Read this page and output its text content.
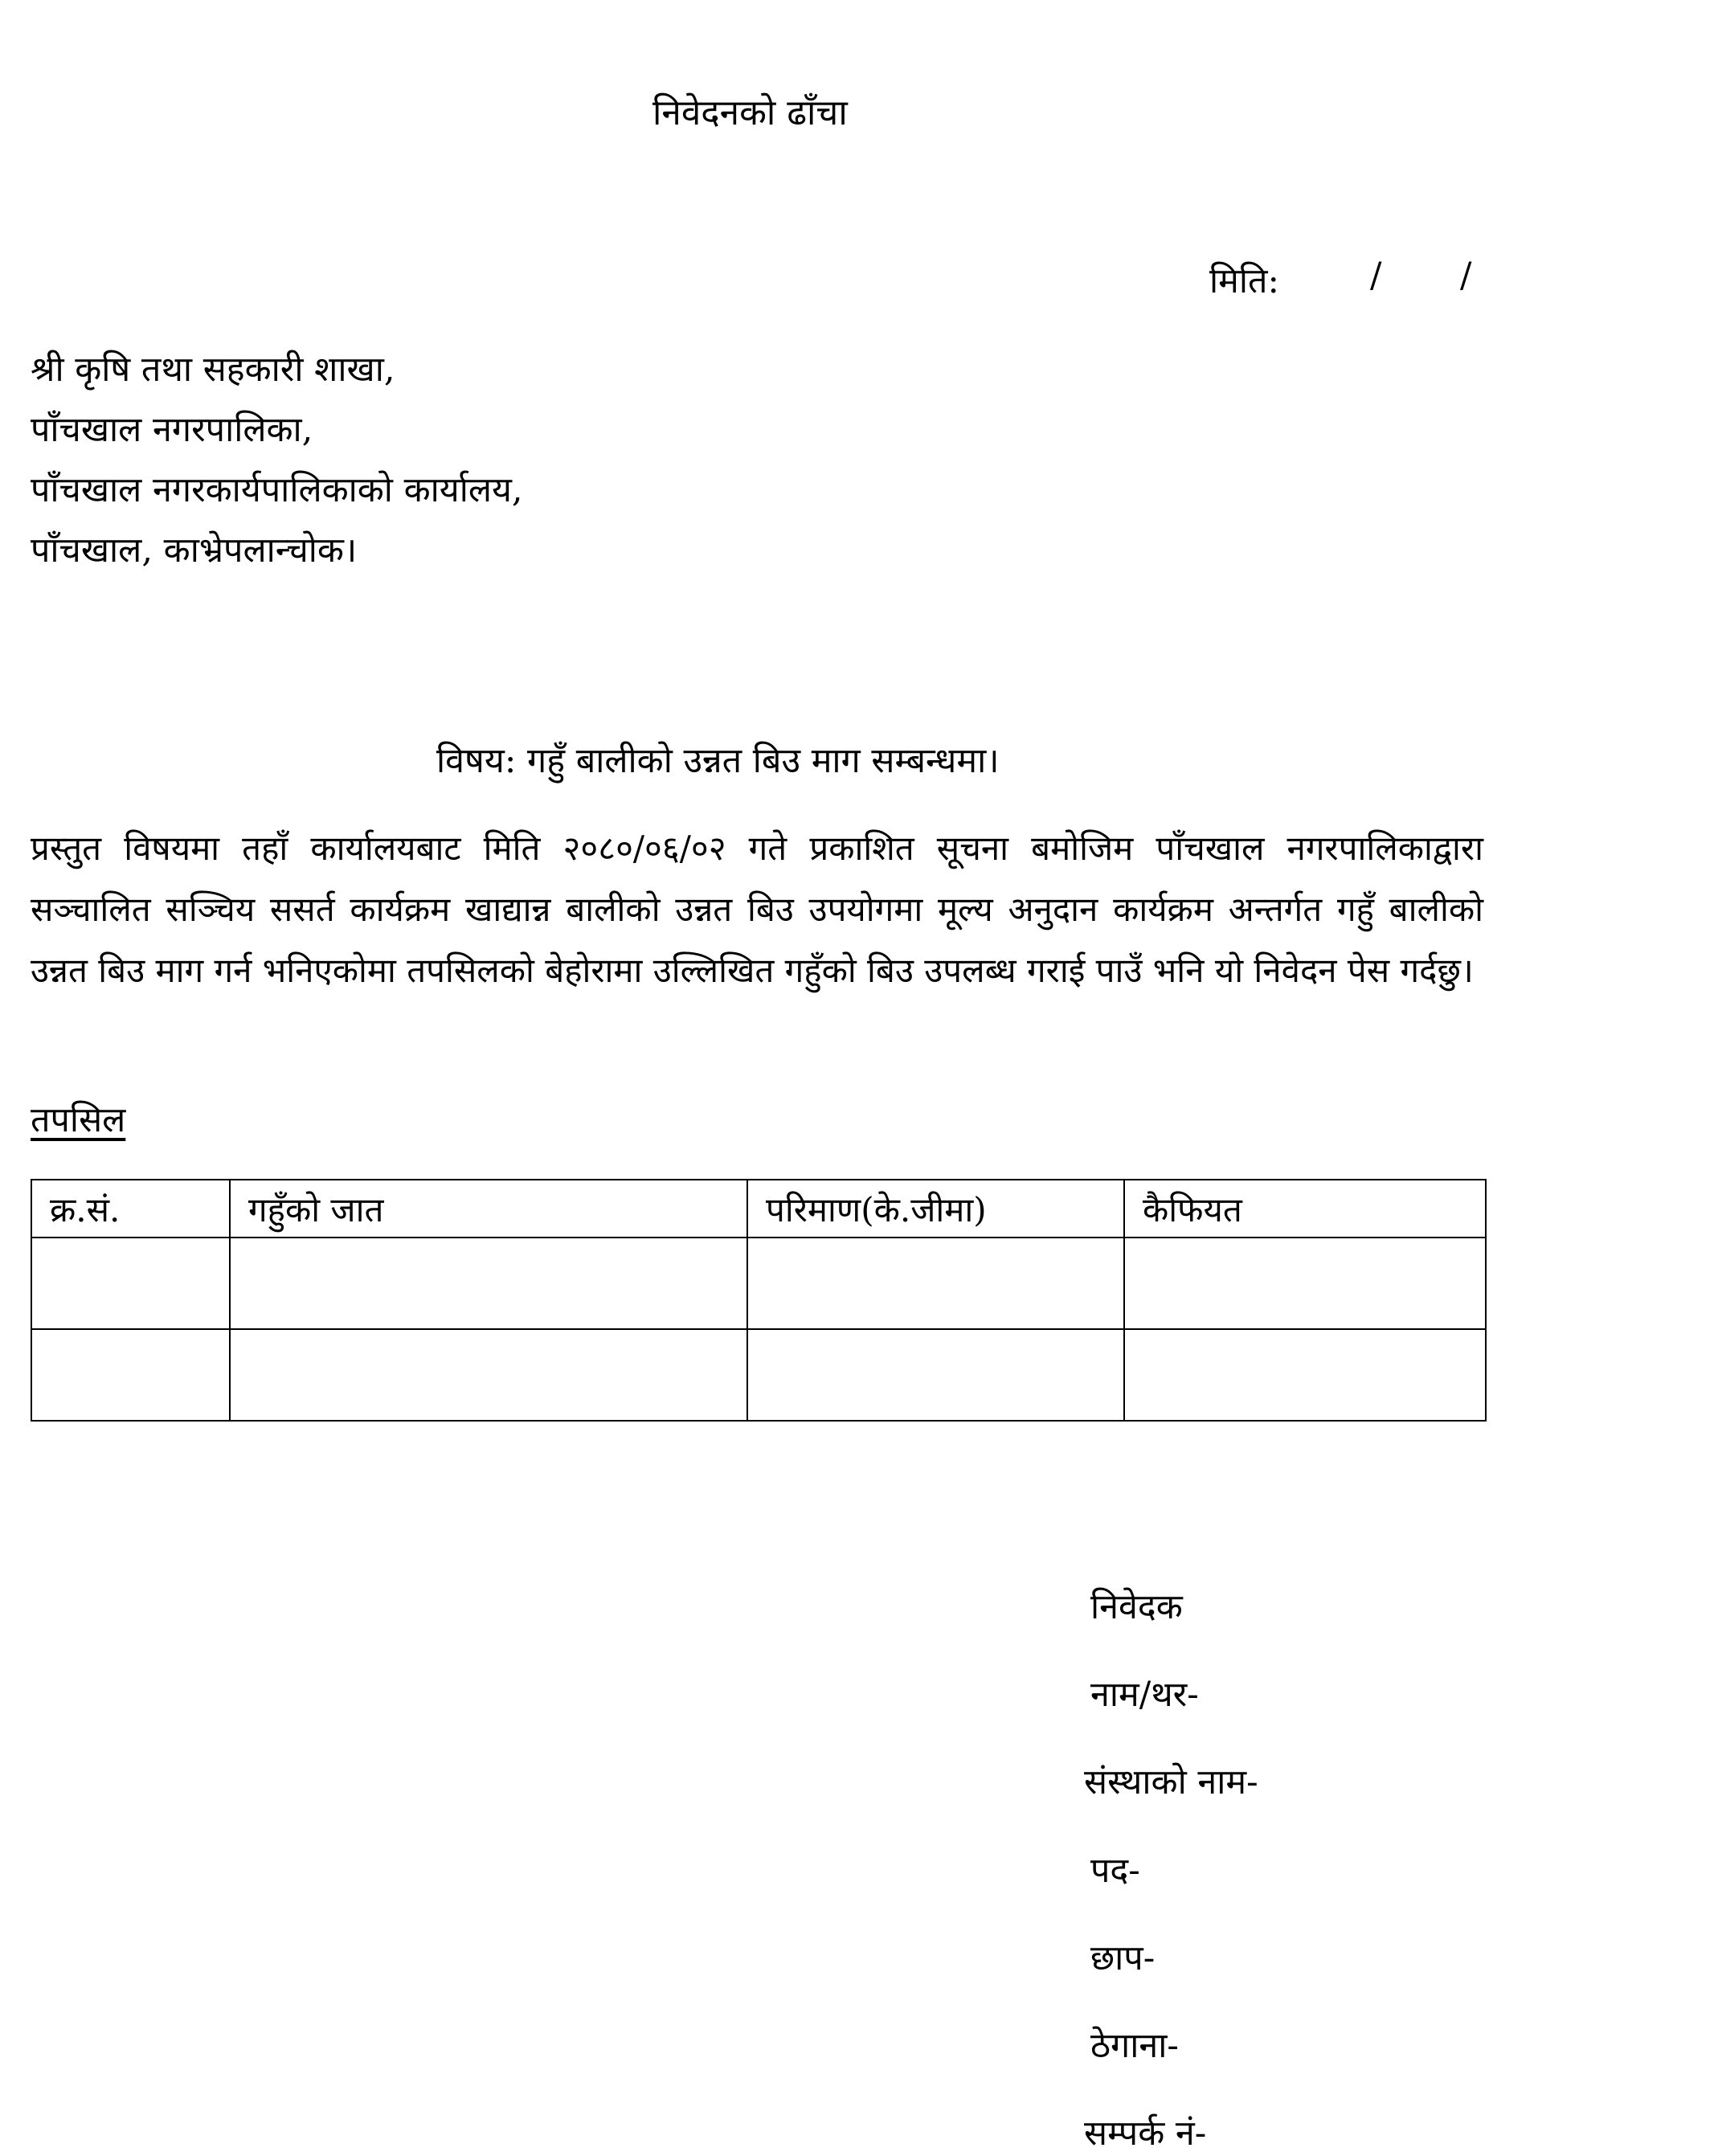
निवेदनको ढाँचा
मिति:	/ /
श्री कृषि तथा सहकारी शाखा,
पाँचखाल नगरपालिका,
पाँचखाल नगरकार्यपालिकाको कार्यालय,
पाँचखाल, काभ्रेपलान्चोक।
विषय: गहुँ बालीको उन्नत बिउ माग सम्बन्धमा।
प्रस्तुत विषयमा तहाँ कार्यालयबाट मिति २०८०/०६/०२ गते प्रकाशित सूचना बमोजिम पाँचखाल नगरपालिकाद्वारा सञ्चालित सञ्चिय ससर्त कार्यक्रम खाद्यान्न बालीको उन्नत बिउ उपयोगमा मूल्य अनुदान कार्यक्रम अन्तर्गत गहुँ बालीको उन्नत बिउ माग गर्न भनिएकोमा तपसिलको बेहोरामा उल्लिखित गहुँको बिउ उपलब्ध गराई पाउँ भनि यो निवेदन पेस गर्दछु।
तपसिल
क्र.सं.	गहुँको जात	परिमाण(के.जीमा)	कैफियत

निवेदक
नाम/थर-
संस्थाको नाम-
पद-
छाप-
ठेगाना-
सम्पर्क नं-
